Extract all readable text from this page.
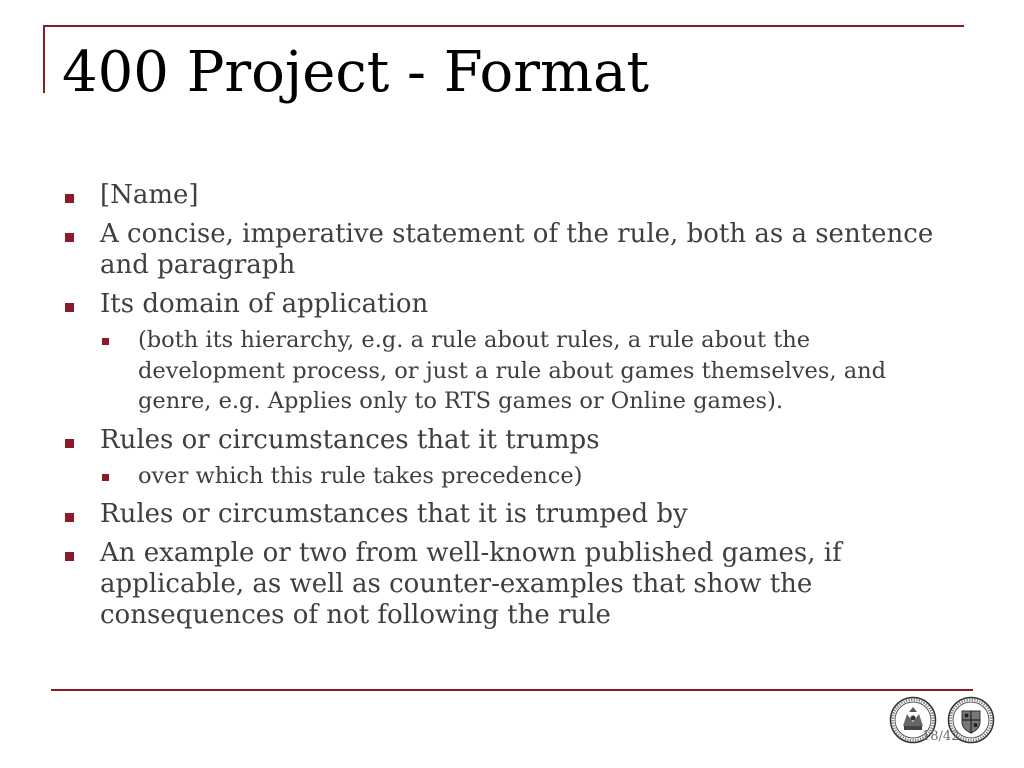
400 Project - Format
[Name]
A concise, imperative statement of the rule, both as a sentence and paragraph
Its domain of application
(both its hierarchy, e.g. a rule about rules, a rule about the development process, or just a rule about games themselves, and genre, e.g. Applies only to RTS games or Online games).
Rules or circumstances that it trumps
over which this rule takes precedence)
Rules or circumstances that it is trumped by
An example or two from well-known published games, if applicable, as well as counter-examples that show the consequences of not following the rule
18/42
